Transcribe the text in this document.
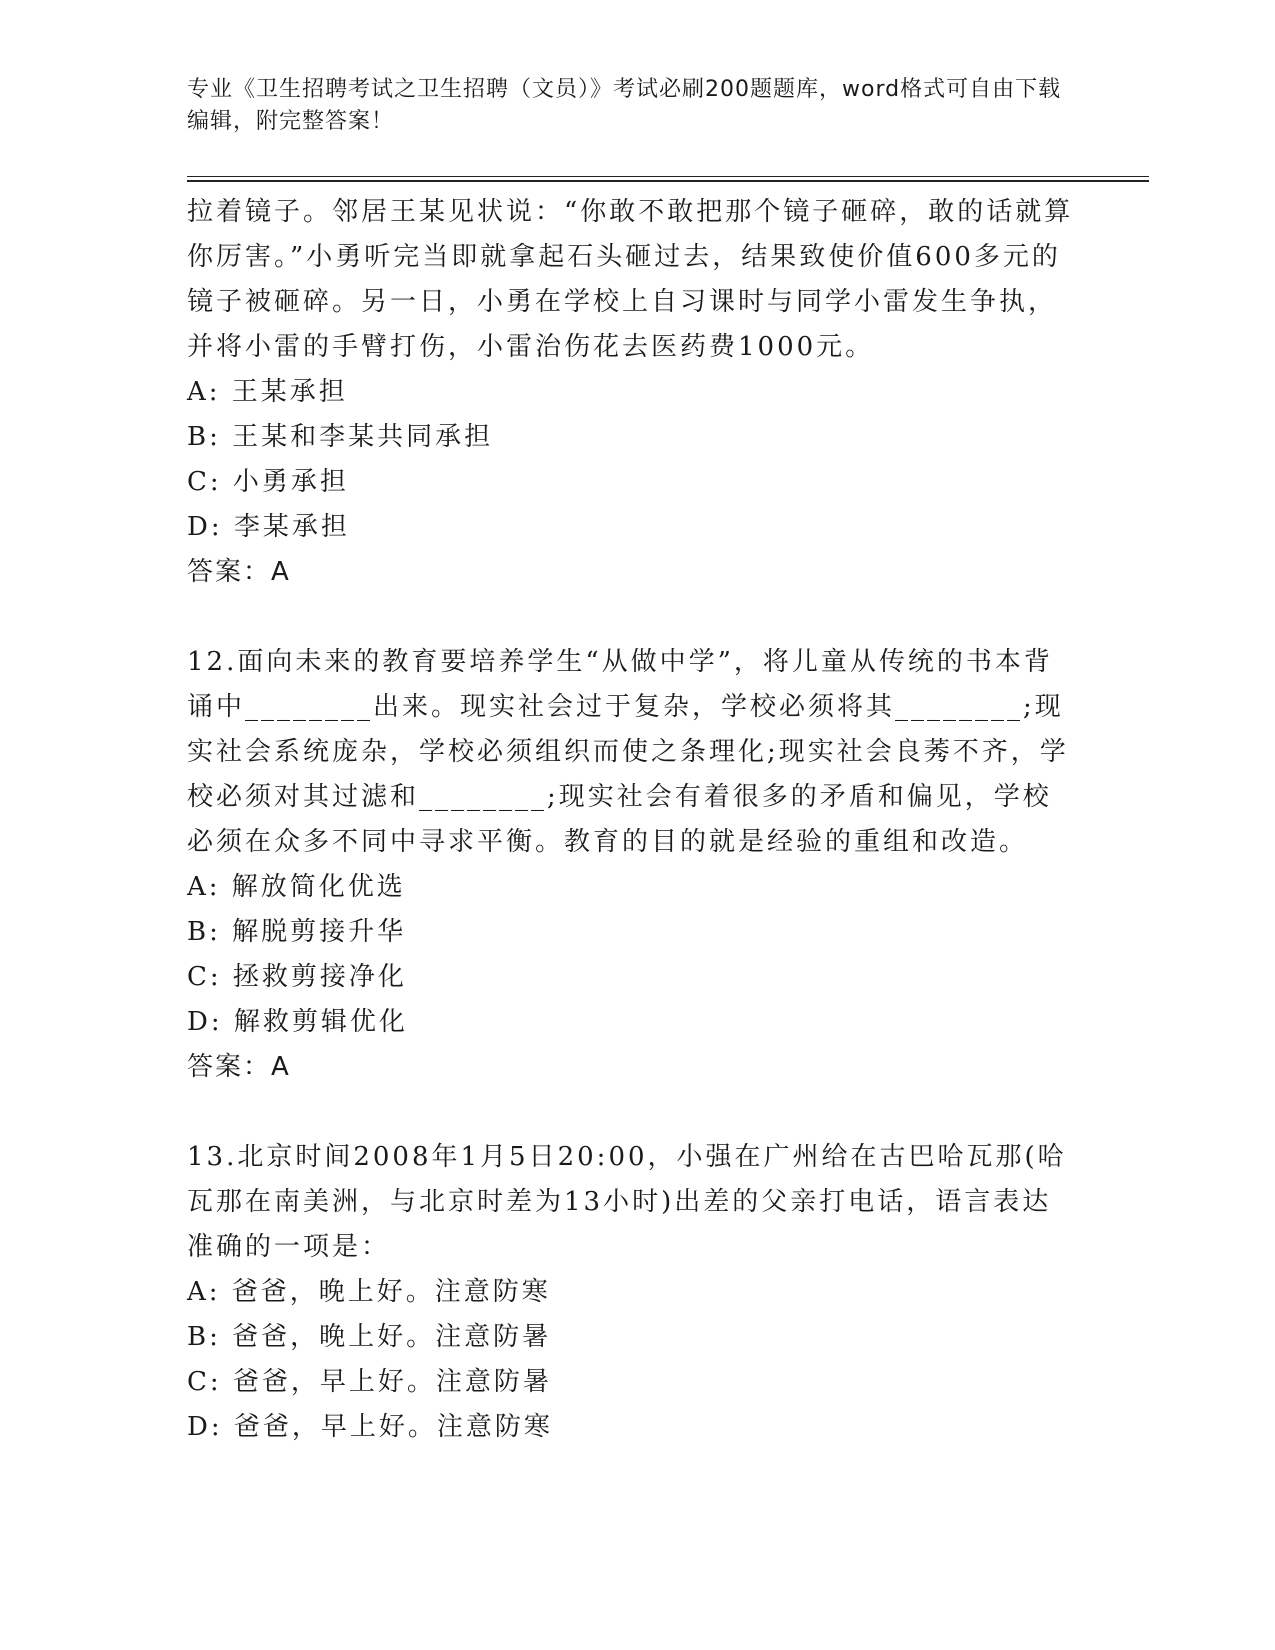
专业《卫生招聘考试之卫生招聘（文员）》考试必刷200题题库，word格式可自由下载编辑，附完整答案！

拉着镜子。邻居王某见状说：“你敢不敢把那个镜子砸碎，敢的话就算你厉害。”小勇听完当即就拿起石头砸过去，结果致使价值600多元的镜子被砸碎。另一日，小勇在学校上自习课时与同学小雷发生争执，并将小雷的手臂打伤，小雷治伤花去医药费1000元。

A: 王某承担

B: 王某和李某共同承担

C: 小勇承担

D: 李某承担

答案：A

12.面向未来的教育要培养学生“从做中学”，将儿童从传统的书本背诵中________出来。现实社会过于复杂，学校必须将其________;现实社会系统庞杂，学校必须组织而使之条理化;现实社会良莠不齐，学校必须对其过滤和________;现实社会有着很多的矛盾和偏见，学校必须在众多不同中寻求平衡。教育的目的就是经验的重组和改造。

A: 解放简化优选

B: 解脱剪接升华

C: 拯救剪接净化

D: 解救剪辑优化

答案：A

13.北京时间2008年1月5日20:00，小强在广州给在古巴哈瓦那(哈瓦那在南美洲，与北京时差为13小时)出差的父亲打电话，语言表达准确的一项是：

A: 爸爸，晚上好。注意防寒

B: 爸爸，晚上好。注意防暑

C: 爸爸，早上好。注意防暑

D: 爸爸，早上好。注意防寒
